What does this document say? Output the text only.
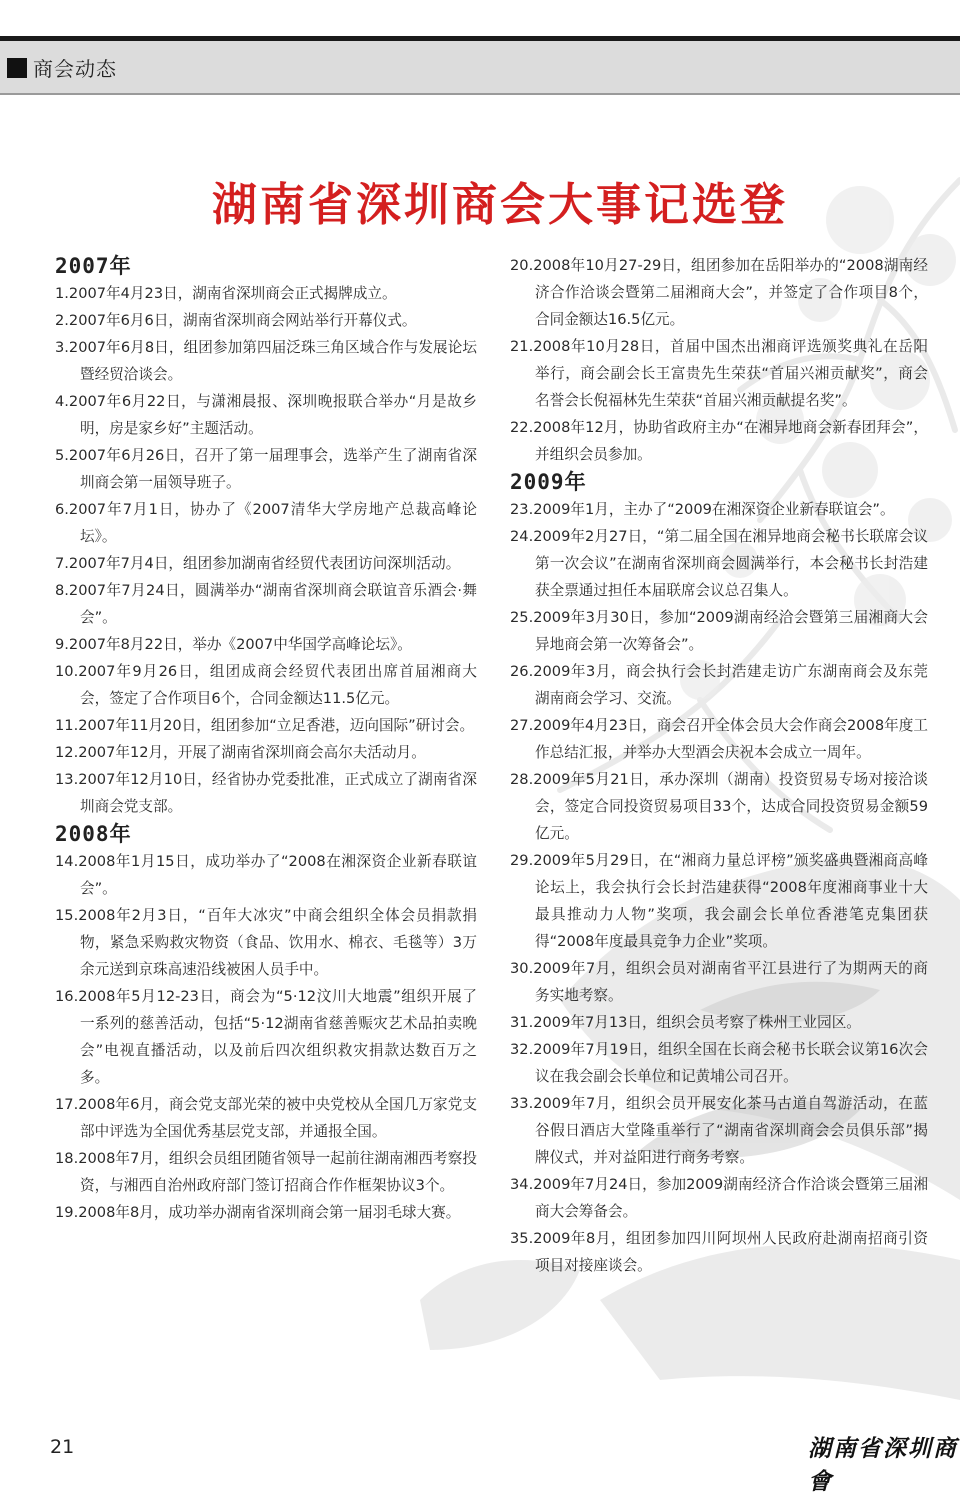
商会动态
湖南省深圳商会大事记选登

2007年

1.2007年4月23日，湖南省深圳商会正式揭牌成立。

2.2007年6月6日，湖南省深圳商会网站举行开幕仪式。

3.2007年6月8日，组团参加第四届泛珠三角区域合作与发展论坛暨经贸洽谈会。

4.2007年6月22日，与潇湘晨报、深圳晚报联合举办“月是故乡明，房是家乡好”主题活动。

5.2007年6月26日，召开了第一届理事会，选举产生了湖南省深圳商会第一届领导班子。

6.2007年7月1日，协办了《2007清华大学房地产总裁高峰论坛》。

7.2007年7月4日，组团参加湖南省经贸代表团访问深圳活动。

8.2007年7月24日，圆满举办“湖南省深圳商会联谊音乐酒会·舞会”。

9.2007年8月22日，举办《2007中华国学高峰论坛》。

10.2007年9月26日，组团成商会经贸代表团出席首届湘商大会，签定了合作项目6个，合同金额达11.5亿元。

11.2007年11月20日，组团参加“立足香港，迈向国际”研讨会。

12.2007年12月，开展了湖南省深圳商会高尔夫活动月。

13.2007年12月10日，经省协办党委批准，正式成立了湖南省深圳商会党支部。

2008年

14.2008年1月15日，成功举办了“2008在湘深资企业新春联谊会”。

15.2008年2月3日，“百年大冰灾”中商会组织全体会员捐款捐物，紧急采购救灾物资（食品、饮用水、棉衣、毛毯等）3万余元送到京珠高速沿线被困人员手中。

16.2008年5月12-23日，商会为“5·12汶川大地震”组织开展了一系列的慈善活动，包括“5·12湖南省慈善赈灾艺术品拍卖晚会”电视直播活动，以及前后四次组织救灾捐款达数百万之多。

17.2008年6月，商会党支部光荣的被中央党校从全国几万家党支部中评选为全国优秀基层党支部，并通报全国。

18.2008年7月，组织会员组团随省领导一起前往湖南湘西考察投资，与湘西自治州政府部门签订招商合作作框架协议3个。

19.2008年8月，成功举办湖南省深圳商会第一届羽毛球大赛。

20.2008年10月27-29日，组团参加在岳阳举办的“2008湖南经济合作洽谈会暨第二届湘商大会”，并签定了合作项目8个，合同金额达16.5亿元。

21.2008年10月28日，首届中国杰出湘商评选颁奖典礼在岳阳举行，商会副会长王富贵先生荣获“首届兴湘贡献奖”，商会名誉会长倪福林先生荣获“首届兴湘贡献提名奖”。

22.2008年12月，协助省政府主办“在湘异地商会新春团拜会”，并组织会员参加。

2009年

23.2009年1月，主办了“2009在湘深资企业新春联谊会”。

24.2009年2月27日，“第二届全国在湘异地商会秘书长联席会议第一次会议”在湖南省深圳商会圆满举行，本会秘书长封浩建获全票通过担任本届联席会议总召集人。

25.2009年3月30日，参加“2009湖南经洽会暨第三届湘商大会异地商会第一次筹备会”。

26.2009年3月，商会执行会长封浩建走访广东湖南商会及东莞湖南商会学习、交流。

27.2009年4月23日，商会召开全体会员大会作商会2008年度工作总结汇报，并举办大型酒会庆祝本会成立一周年。

28.2009年5月21日，承办深圳（湖南）投资贸易专场对接洽谈会，签定合同投资贸易项目33个，达成合同投资贸易金额59亿元。

29.2009年5月29日，在“湘商力量总评榜”颁奖盛典暨湘商高峰论坛上，我会执行会长封浩建获得“2008年度湘商事业十大最具推动力人物”奖项，我会副会长单位香港笔克集团获得“2008年度最具竞争力企业”奖项。

30.2009年7月，组织会员对湖南省平江县进行了为期两天的商务实地考察。

31.2009年7月13日，组织会员考察了株州工业园区。

32.2009年7月19日，组织全国在长商会秘书长联会议第16次会议在我会副会长单位和记黄埔公司召开。

33.2009年7月，组织会员开展安化茶马古道自驾游活动，在蓝谷假日酒店大堂隆重举行了“湖南省深圳商会会员俱乐部”揭牌仪式，并对益阳进行商务考察。

34.2009年7月24日，参加2009湖南经济合作洽谈会暨第三届湘商大会筹备会。

35.2009年8月，组团参加四川阿坝州人民政府赴湖南招商引资项目对接座谈会。

21	湖南省深圳商會
